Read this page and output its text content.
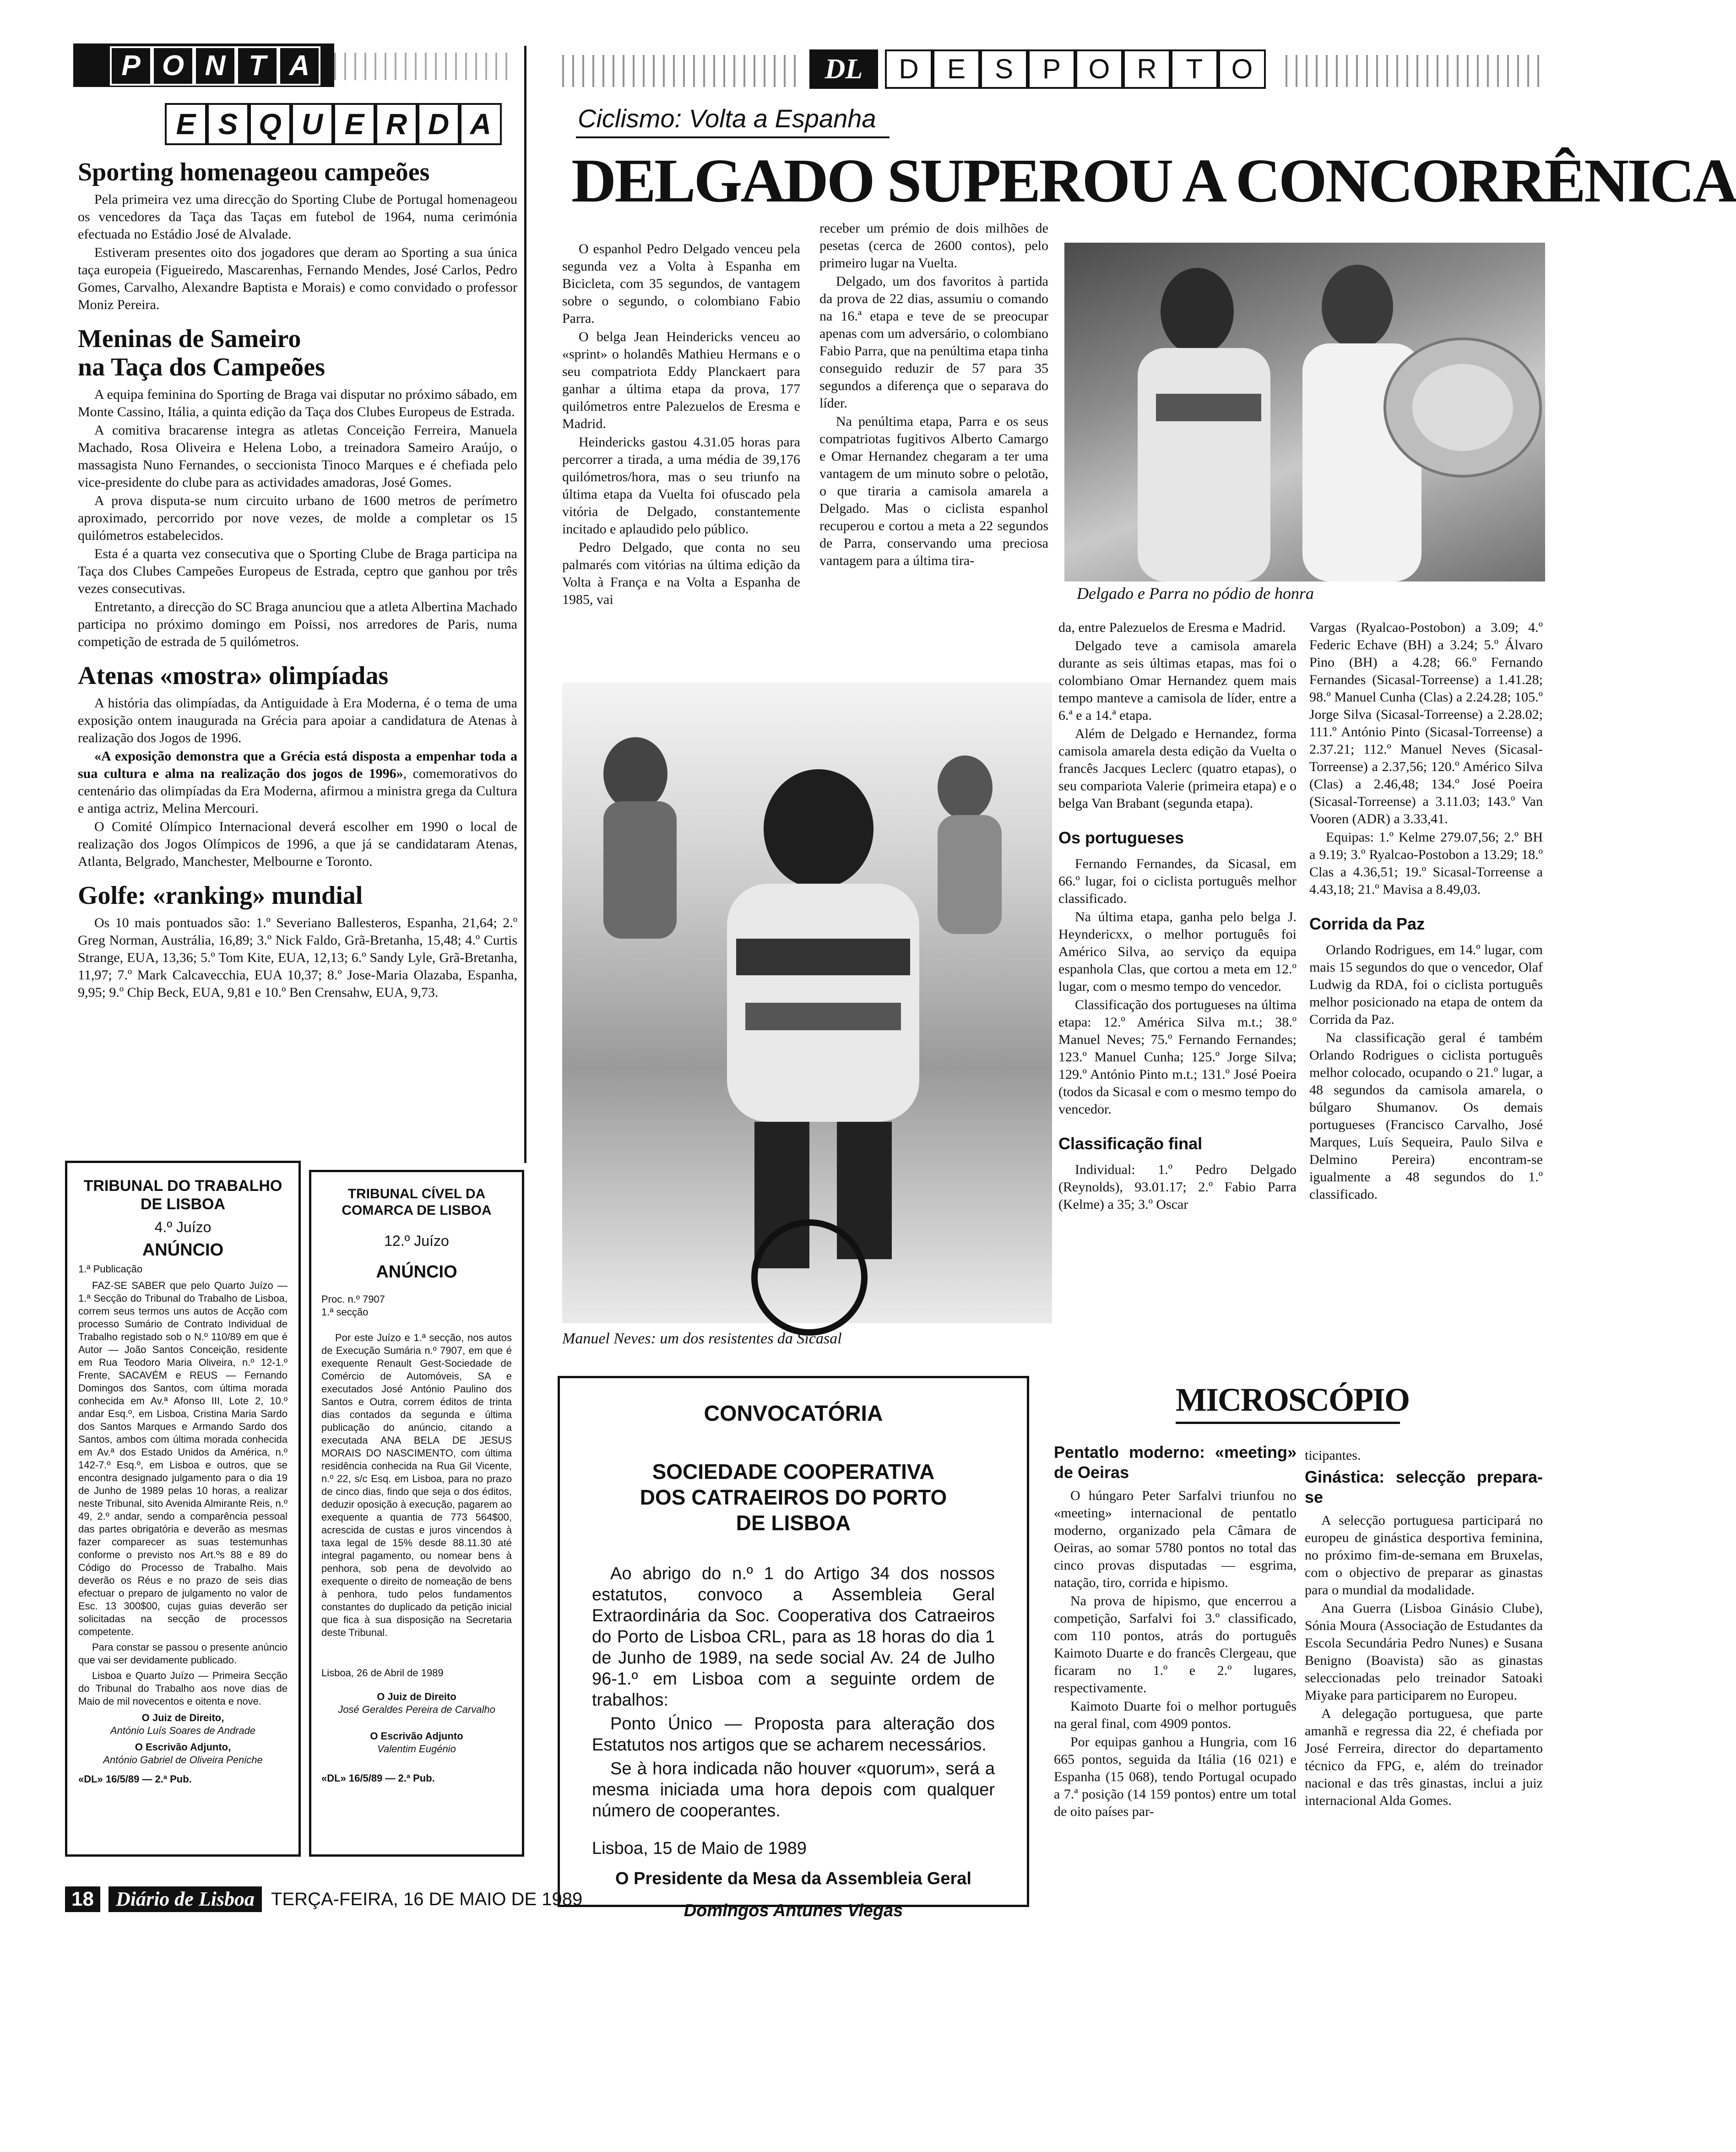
P O N T A
E S Q U E R D A
Sporting homenageou campeões

Pela primeira vez uma direcção do Sporting Clube de Portugal homenageou os vencedores da Taça das Taças em futebol de 1964, numa cerimónia efectuada no Estádio José de Alvalade.

Estiveram presentes oito dos jogadores que deram ao Sporting a sua única taça europeia (Figueiredo, Mascarenhas, Fernando Mendes, José Carlos, Pedro Gomes, Carvalho, Alexandre Baptista e Morais) e como convidado o professor Moniz Pereira.

Meninas de Sameiro
na Taça dos Campeões

A equipa feminina do Sporting de Braga vai disputar no próximo sábado, em Monte Cassino, Itália, a quinta edição da Taça dos Clubes Europeus de Estrada.

A comitiva bracarense integra as atletas Conceição Ferreira, Manuela Machado, Rosa Oliveira e Helena Lobo, a treinadora Sameiro Araújo, o massagista Nuno Fernandes, o seccionista Tinoco Marques e é chefiada pelo vice-presidente do clube para as actividades amadoras, José Gomes.

A prova disputa-se num circuito urbano de 1600 metros de perímetro aproximado, percorrido por nove vezes, de molde a completar os 15 quilómetros estabelecidos.

Esta é a quarta vez consecutiva que o Sporting Clube de Braga participa na Taça dos Clubes Campeões Europeus de Estrada, ceptro que ganhou por três vezes consecutivas.

Entretanto, a direcção do SC Braga anunciou que a atleta Albertina Machado participa no próximo domingo em Poissi, nos arredores de Paris, numa competição de estrada de 5 quilómetros.

Atenas «mostra» olimpíadas

A história das olimpíadas, da Antiguidade à Era Moderna, é o tema de uma exposição ontem inaugurada na Grécia para apoiar a candidatura de Atenas à realização dos Jogos de 1996.

«A exposição demonstra que a Grécia está disposta a empenhar toda a sua cultura e alma na realização dos jogos de 1996», comemorativos do centenário das olimpíadas da Era Moderna, afirmou a ministra grega da Cultura e antiga actriz, Melina Mercouri.

O Comité Olímpico Internacional deverá escolher em 1990 o local de realização dos Jogos Olímpicos de 1996, a que já se candidataram Atenas, Atlanta, Belgrado, Manchester, Melbourne e Toronto.

Golfe: «ranking» mundial

Os 10 mais pontuados são: 1.º Severiano Ballesteros, Espanha, 21,64; 2.º Greg Norman, Austrália, 16,89; 3.º Nick Faldo, Grã-Bretanha, 15,48; 4.º Curtis Strange, EUA, 13,36; 5.º Tom Kite, EUA, 12,13; 6.º Sandy Lyle, Grã-Bretanha, 11,97; 7.º Mark Calcavecchia, EUA 10,37; 8.º Jose-Maria Olazaba, Espanha, 9,95; 9.º Chip Beck, EUA, 9,81 e 10.º Ben Crensahw, EUA, 9,73.

TRIBUNAL DO TRABALHO DE LISBOA
4.º Juízo
ANÚNCIO
1.ª Publicação
FAZ-SE SABER que pelo Quarto Juízo — 1.ª Secção do Tribunal do Trabalho de Lisboa, correm seus termos uns autos de Acção com processo Sumário de Contrato Individual de Trabalho registado sob o N.º 110/89 em que é Autor — João Santos Conceição, residente em Rua Teodoro Maria Oliveira, n.º 12-1.º Frente, SACAVÉM e REUS — Fernando Domingos dos Santos, com última morada conhecida em Av.ª Afonso III, Lote 2, 10.º andar Esq.º, em Lisboa, Cristina Maria Sardo dos Santos Marques e Armando Sardo dos Santos, ambos com última morada conhecida em Av.ª dos Estado Unidos da América, n.º 142-7.º Esq.º, em Lisboa e outros, que se encontra designado julgamento para o dia 19 de Junho de 1989 pelas 10 horas, a realizar neste Tribunal, sito Avenida Almirante Reis, n.º 49, 2.º andar, sendo a comparência pessoal das partes obrigatória e deverão as mesmas fazer comparecer as suas testemunhas conforme o previsto nos Art.ºs 88 e 89 do Código do Processo de Trabalho. Mais deverão os Réus e no prazo de seis dias efectuar o preparo de julgamento no valor de Esc. 13 300$00, cujas guias deverão ser solicitadas na secção de processos competente.
Para constar se passou o presente anúncio que vai ser devidamente publicado.
Lisboa e Quarto Juízo — Primeira Secção do Tribunal do Trabalho aos nove dias de Maio de mil novecentos e oitenta e nove.
O Juiz de Direito,
António Luís Soares de Andrade
O Escrivão Adjunto,
António Gabriel de Oliveira Peniche
«DL» 16/5/89 — 2.ª Pub.
TRIBUNAL CÍVEL DA COMARCA DE LISBOA
12.º Juízo
ANÚNCIO
Proc. n.º 7907
1.ª secção
Por este Juízo e 1.ª secção, nos autos de Execução Sumária n.º 7907, em que é exequente Renault Gest-Sociedade de Comércio de Automóveis, SA e executados José António Paulino dos Santos e Outra, correm éditos de trinta dias contados da segunda e última publicação do anúncio, citando a executada ANA BELA DE JESUS MORAIS DO NASCIMENTO, com última residência conhecida na Rua Gil Vicente, n.º 22, s/c Esq. em Lisboa, para no prazo de cinco dias, findo que seja o dos éditos, deduzir oposição à execução, pagarem ao exequente a quantia de 773 564$00, acrescida de custas e juros vincendos à taxa legal de 15% desde 88.11.30 até integral pagamento, ou nomear bens à penhora, sob pena de devolvido ao exequente o direito de nomeação de bens à penhora, tudo pelos fundamentos constantes do duplicado da petição inicial que fica à sua disposição na Secretaria deste Tribunal.
Lisboa, 26 de Abril de 1989
O Juiz de Direito
José Geraldes Pereira de Carvalho
O Escrivão Adjunto
Valentim Eugénio
«DL» 16/5/89 — 2.ª Pub.
DL	D E S P O R T O
Ciclismo: Volta a Espanha
DELGADO SUPEROU A CONCORRÊNICA

O espanhol Pedro Delgado venceu pela segunda vez a Volta à Espanha em Bicicleta, com 35 segundos, de vantagem sobre o segundo, o colombiano Fabio Parra.

O belga Jean Heindericks venceu ao «sprint» o holandês Mathieu Hermans e o seu compatriota Eddy Planckaert para ganhar a última etapa da prova, 177 quilómetros entre Palezuelos de Eresma e Madrid.

Heindericks gastou 4.31.05 horas para percorrer a tirada, a uma média de 39,176 quilómetros/hora, mas o seu triunfo na última etapa da Vuelta foi ofuscado pela vitória de Delgado, constantemente incitado e aplaudido pelo público.

Pedro Delgado, que conta no seu palmarés com vitórias na última edição da Volta à França e na Volta a Espanha de 1985, vai

receber um prémio de dois milhões de pesetas (cerca de 2600 contos), pelo primeiro lugar na Vuelta.

Delgado, um dos favoritos à partida da prova de 22 dias, assumiu o comando na 16.ª etapa e teve de se preocupar apenas com um adversário, o colombiano Fabio Parra, que na penúltima etapa tinha conseguido reduzir de 57 para 35 segundos a diferença que o separava do líder.

Na penúltima etapa, Parra e os seus compatriotas fugitivos Alberto Camargo e Omar Hernandez chegaram a ter uma vantagem de um minuto sobre o pelotão, o que tiraria a camisola amarela a Delgado. Mas o ciclista espanhol recuperou e cortou a meta a 22 segundos de Parra, conservando uma preciosa vantagem para a última tira-

Delgado e Parra no pódio de honra
Manuel Neves: um dos resistentes da Sicasal

da, entre Palezuelos de Eresma e Madrid.

Delgado teve a camisola amarela durante as seis últimas etapas, mas foi o colombiano Omar Hernandez quem mais tempo manteve a camisola de líder, entre a 6.ª e a 14.ª etapa.

Além de Delgado e Hernandez, forma camisola amarela desta edição da Vuelta o francês Jacques Leclerc (quatro etapas), o seu compariota Valerie (primeira etapa) e o belga Van Brabant (segunda etapa).

Os portugueses

Fernando Fernandes, da Sicasal, em 66.º lugar, foi o ciclista português melhor classificado.

Na última etapa, ganha pelo belga J. Heyndericxx, o melhor português foi Américo Silva, ao serviço da equipa espanhola Clas, que cortou a meta em 12.º lugar, com o mesmo tempo do vencedor.

Classificação dos portugueses na última etapa: 12.º América Silva m.t.; 38.º Manuel Neves; 75.º Fernando Fernandes; 123.º Manuel Cunha; 125.º Jorge Silva; 129.º António Pinto m.t.; 131.º José Poeira (todos da Sicasal e com o mesmo tempo do vencedor.

Classificação final

Individual: 1.º Pedro Delgado (Reynolds), 93.01.17; 2.º Fabio Parra (Kelme) a 35; 3.º Oscar

Vargas (Ryalcao-Postobon) a 3.09; 4.º Federic Echave (BH) a 3.24; 5.º Álvaro Pino (BH) a 4.28; 66.º Fernando Fernandes (Sicasal-Torreense) a 1.41.28; 98.º Manuel Cunha (Clas) a 2.24.28; 105.º Jorge Silva (Sicasal-Torreense) a 2.28.02; 111.º António Pinto (Sicasal-Torreense) a 2.37.21; 112.º Manuel Neves (Sicasal-Torreense) a 2.37,56; 120.º Américo Silva (Clas) a 2.46,48; 134.º José Poeira (Sicasal-Torreense) a 3.11.03; 143.º Van Vooren (ADR) a 3.33,41.

Equipas: 1.º Kelme 279.07,56; 2.º BH a 9.19; 3.º Ryalcao-Postobon a 13.29; 18.º Clas a 4.36,51; 19.º Sicasal-Torreense a 4.43,18; 21.º Mavisa a 8.49,03.

Corrida da Paz

Orlando Rodrigues, em 14.º lugar, com mais 15 segundos do que o vencedor, Olaf Ludwig da RDA, foi o ciclista português melhor posicionado na etapa de ontem da Corrida da Paz.

Na classificação geral é também Orlando Rodrigues o ciclista português melhor colocado, ocupando o 21.º lugar, a 48 segundos da camisola amarela, o búlgaro Shumanov. Os demais portugueses (Francisco Carvalho, José Marques, Luís Sequeira, Paulo Silva e Delmino Pereira) encontram-se igualmente a 48 segundos do 1.º classificado.

CONVOCATÓRIA
SOCIEDADE COOPERATIVA DOS CATRAEIROS DO PORTO DE LISBOA
Ao abrigo do n.º 1 do Artigo 34 dos nossos estatutos, convoco a Assembleia Geral Extraordinária da Soc. Cooperativa dos Catraeiros do Porto de Lisboa CRL, para as 18 horas do dia 1 de Junho de 1989, na sede social Av. 24 de Julho 96-1.º em Lisboa com a seguinte ordem de trabalhos:
Ponto Único — Proposta para alteração dos Estatutos nos artigos que se acharem necessários.
Se à hora indicada não houver «quorum», será a mesma iniciada uma hora depois com qualquer número de cooperantes.
Lisboa, 15 de Maio de 1989
O Presidente da Mesa da Assembleia Geral
Domingos Antunes Viegas
MICROSCÓPIO
Pentatlo moderno: «meeting» de Oeiras

O húngaro Peter Sarfalvi triunfou no «meeting» internacional de pentatlo moderno, organizado pela Câmara de Oeiras, ao somar 5780 pontos no total das cinco provas disputadas — esgrima, natação, tiro, corrida e hipismo.

Na prova de hipismo, que encerrou a competição, Sarfalvi foi 3.º classificado, com 110 pontos, atrás do português Kaimoto Duarte e do francês Clergeau, que ficaram no 1.º e 2.º lugares, respectivamente.

Kaimoto Duarte foi o melhor português na geral final, com 4909 pontos.

Por equipas ganhou a Hungria, com 16 665 pontos, seguida da Itália (16 021) e Espanha (15 068), tendo Portugal ocupado a 7.ª posição (14 159 pontos) entre um total de oito países par-

ticipantes.

Ginástica: selecção prepara-se

A selecção portuguesa participará no europeu de ginástica desportiva feminina, no próximo fim-de-semana em Bruxelas, com o objectivo de preparar as ginastas para o mundial da modalidade.

Ana Guerra (Lisboa Ginásio Clube), Sónia Moura (Associação de Estudantes da Escola Secundária Pedro Nunes) e Susana Benigno (Boavista) são as ginastas seleccionadas pelo treinador Satoaki Miyake para participarem no Europeu.

A delegação portuguesa, que parte amanhã e regressa dia 22, é chefiada por José Ferreira, director do departamento técnico da FPG, e, além do treinador nacional e das três ginastas, inclui a juiz internacional Alda Gomes.

18 Diário de Lisboa TERÇA-FEIRA, 16 DE MAIO DE 1989
